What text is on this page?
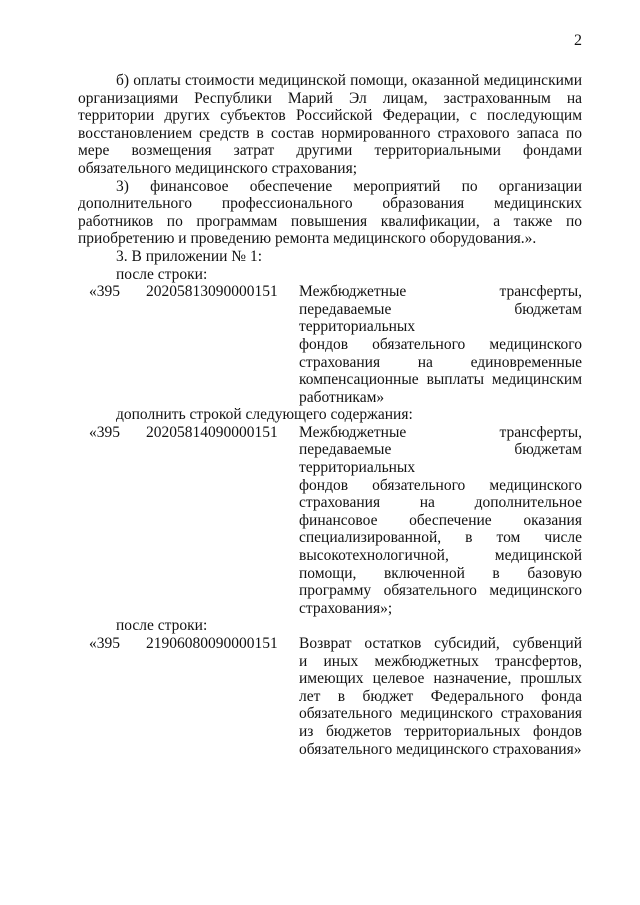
2

б) оплаты стоимости медицинской помощи, оказанной медицинскими организациями Республики Марий Эл лицам, застрахованным на территории других субъектов Российской Федерации, с последующим восстановлением средств в состав нормированного страхового запаса по мере возмещения затрат другими территориальными фондами обязательного медицинского страхования;

3) финансовое обеспечение мероприятий по организации дополнительного профессионального образования медицинских работников по программам повышения квалификации, а также по приобретению и проведению ремонта медицинского оборудования.».

3. В приложении № 1:

после строки:

«395	20205813090000151	Межбюджетные трансферты,
передаваемые бюджетам территориальных
фондов обязательного медицинского
страхования на единовременные
компенсационные выплаты медицинским
работникам»

дополнить строкой следующего содержания:

«395	20205814090000151	Межбюджетные трансферты,
передаваемые бюджетам территориальных
фондов обязательного медицинского
страхования на дополнительное
финансовое обеспечение оказания
специализированной, в том числе
высокотехнологичной, медицинской
помощи, включенной в базовую
программу обязательного медицинского
страхования»;

после строки:

«395	21906080090000151	Возврат остатков субсидий, субвенций
и иных межбюджетных трансфертов,
имеющих целевое назначение, прошлых
лет в бюджет Федерального фонда
обязательного медицинского страхования
из бюджетов территориальных фондов
обязательного медицинского страхования»
